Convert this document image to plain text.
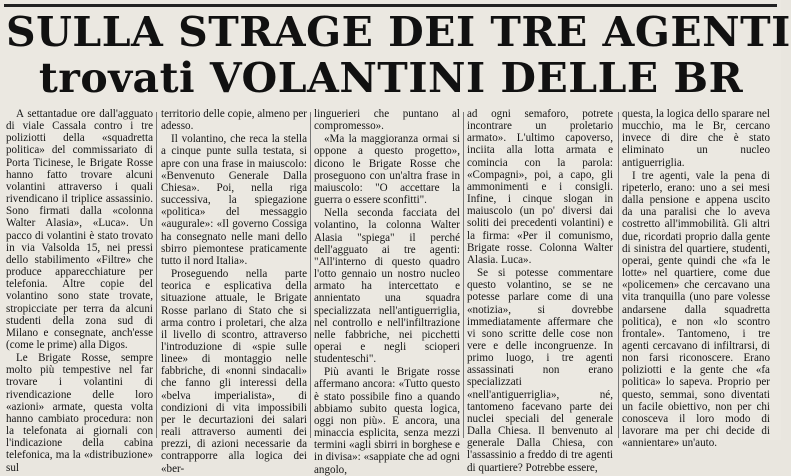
SULLA STRAGE DEI TRE AGENTI
trovati VOLANTINI DELLE BR

A settantadue ore dall'agguato di viale Cassala contro i tre poliziotti della «squadretta politica» del commissariato di Porta Ticinese, le Brigate Rosse hanno fatto trovare alcuni volantini attraverso i quali rivendicano il triplice assassinio. Sono firmati dalla «colonna Walter Alasia», «Luca». Un pacco di volantini è stato trovato in via Valsolda 15, nei pressi dello stabilimento «Filtre» che produce apparecchiature per telefonia. Altre copie del volantino sono state trovate, stropicciate per terra da alcuni studenti della zona sud di Milano e consegnate, anch'esse (come le prime) alla Digos.

Le Brigate Rosse, sempre molto più tempestive nel far trovare i volantini di rivendicazione delle loro «azioni» armate, questa volta hanno cambiato procedura: non la telefonata ai giornali con l'indicazione della cabina telefonica, ma la «distribuzione» sul

territorio delle copie, almeno per adesso.

Il volantino, che reca la stella a cinque punte sulla testata, si apre con una frase in maiuscolo: «Benvenuto Generale Dalla Chiesa». Poi, nella riga successiva, la spiegazione «politica» del messaggio «augurale»: «Il governo Cossiga ha consegnato nelle mani dello sbirro piemontese praticamente tutto il nord Italia».

Proseguendo nella parte teorica e esplicativa della situazione attuale, le Brigate Rosse parlano di Stato che si arma contro i proletari, che alza il livello di scontro, attraverso l'introduzione di «spie sulle linee» di montaggio nelle fabbriche, di «nonni sindacali» che fanno gli interessi della «belva imperialista», di condizioni di vita impossibili per le decurtazioni dei salari reali attraverso aumenti dei prezzi, di azioni necessarie da contrapporre alla logica dei «ber-

linguerieri che puntano al compromesso».

«Ma la maggioranza ormai si oppone a questo progetto», dicono le Brigate Rosse che proseguono con un'altra frase in maiuscolo: "O accettare la guerra o essere sconfitti".

Nella seconda facciata del volantino, la colonna Walter Alasia "spiega" il perché dell'agguato ai tre agenti: "All'interno di questo quadro l'otto gennaio un nostro nucleo armato ha intercettato e annientato una squadra specializzata nell'antiguerriglia, nel controllo e nell'infiltrazione nelle fabbriche, nei picchetti operai e negli scioperi studenteschi".

Più avanti le Brigate rosse affermano ancora: «Tutto questo è stato possibile fino a quando abbiamo subito questa logica, oggi non più». E ancora, una minaccia esplicita, senza mezzi termini «agli sbirri in borghese e in divisa»: «sappiate che ad ogni angolo,

ad ogni semaforo, potrete incontrare un proletario armato». L'ultimo capoverso, inciita alla lotta armata e comincia con la parola: «Compagni», poi, a capo, gli ammonimenti e i consigli. Infine, i cinque slogan in maiuscolo (un po' diversi dai soliti dei precedenti volantini) e la firma: «Per il comunismo, Brigate rosse. Colonna Walter Alasia. Luca».

Se si potesse commentare questo volantino, se se ne potesse parlare come di una «notizia», si dovrebbe immediatamente affermare che vi sono scritte delle cose non vere e delle incongruenze. In primo luogo, i tre agenti assassinati non erano specializzati «nell'antiguerriglia», né, tantomeno facevano parte dei nuclei speciali del generale Dalla Chiesa. Il benvenuto al generale Dalla Chiesa, con l'assassinio a freddo di tre agenti di quartiere? Potrebbe essere,

questa, la logica dello sparare nel mucchio, ma le Br, cercano invece di dire che è stato eliminato un nucleo antiguerriglia.

I tre agenti, vale la pena di ripeterlo, erano: uno a sei mesi dalla pensione e appena uscito da una paralisi che lo aveva costretto all'immobilità. Gli altri due, ricordati proprio dalla gente di sinistra del quartiere, studenti, operai, gente quindi che «fa le lotte» nel quartiere, come due «policemen» che cercavano una vita tranquilla (uno pare volesse andarsene dalla squadretta politica), e non «lo scontro frontale». Tantomeno, i tre agenti cercavano di infiltrarsi, di non farsi riconoscere. Erano poliziotti e la gente che «fa politica» lo sapeva. Proprio per questo, semmai, sono diventati un facile obiettivo, non per chi conosceva il loro modo di lavorare ma per chi decide di «annientare» un'auto.
